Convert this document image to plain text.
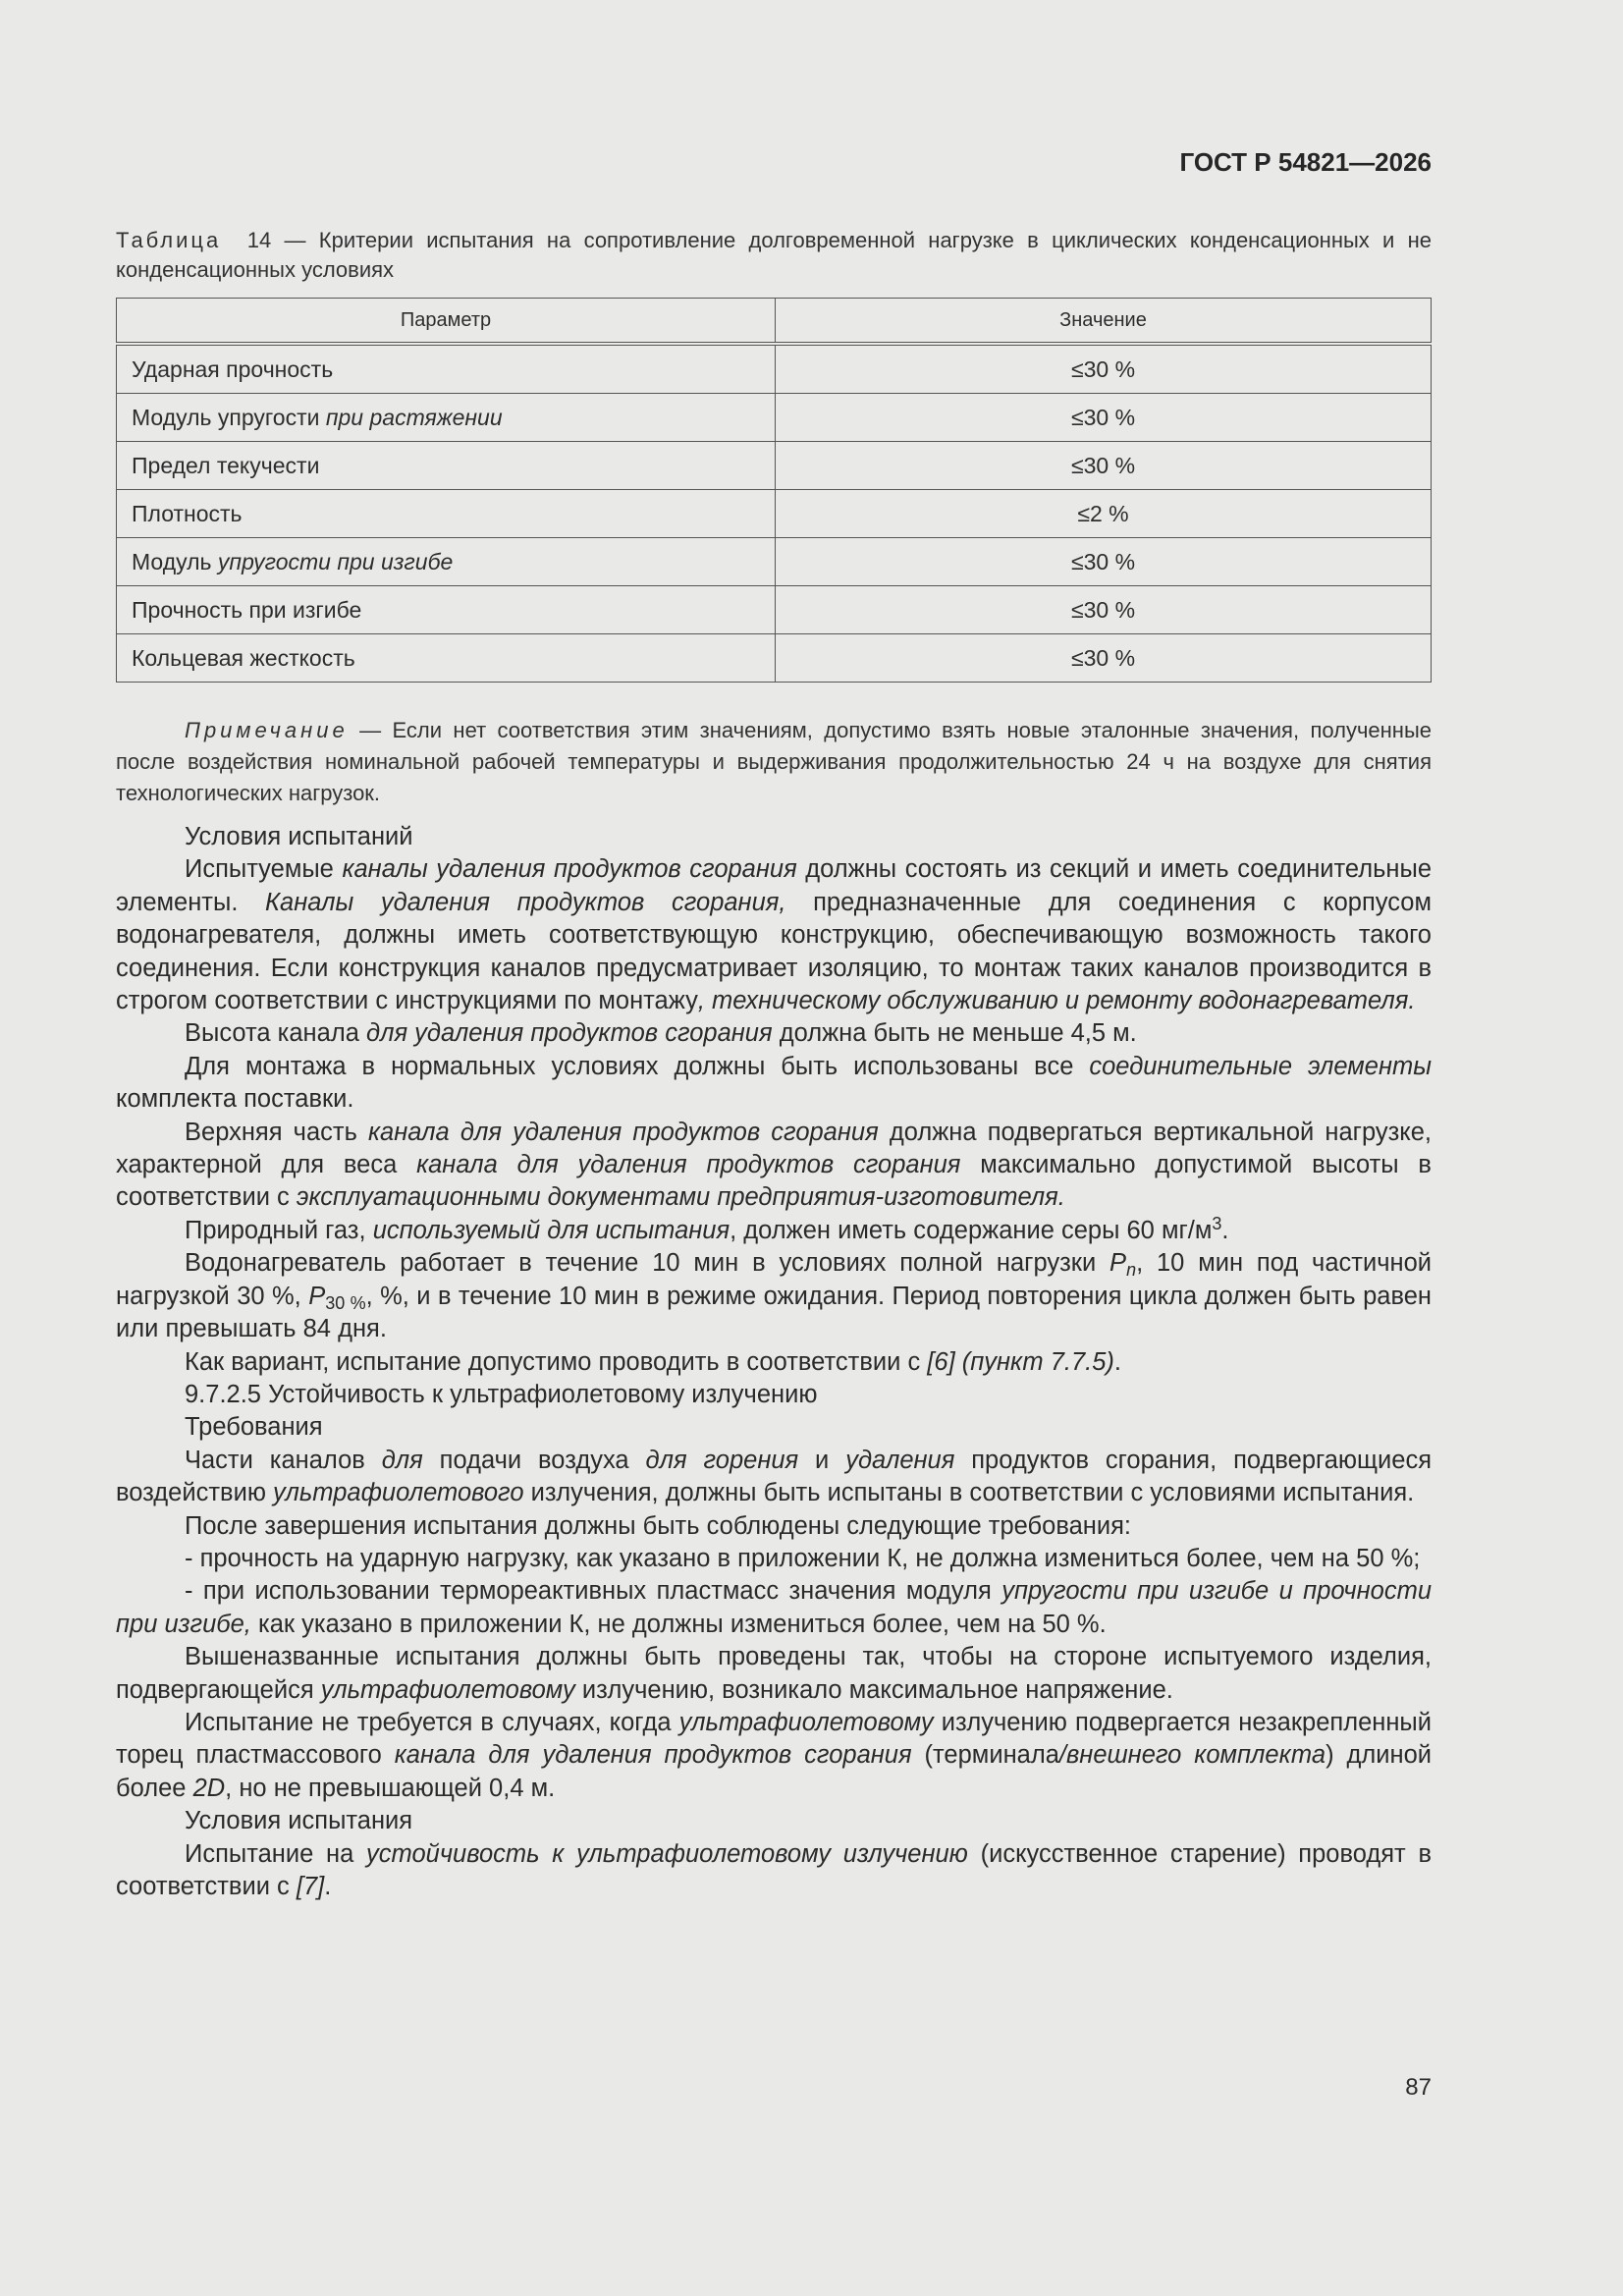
ГОСТ Р 54821—2026
Таблица 14 — Критерии испытания на сопротивление долговременной нагрузке в циклических конденсационных и не конденсационных условиях
Параметр	Значение
Ударная прочность	≤30 %
Модуль упругости при растяжении	≤30 %
Предел текучести	≤30 %
Плотность	≤2 %
Модуль упругости при изгибе	≤30 %
Прочность при изгибе	≤30 %
Кольцевая жесткость	≤30 %
Примечание — Если нет соответствия этим значениям, допустимо взять новые эталонные значения, полученные после воздействия номинальной рабочей температуры и выдерживания продолжительностью 24 ч на воздухе для снятия технологических нагрузок.

Условия испытаний

Испытуемые каналы удаления продуктов сгорания должны состоять из секций и иметь соединительные элементы. Каналы удаления продуктов сгорания, предназначенные для соединения с корпусом водонагревателя, должны иметь соответствующую конструкцию, обеспечивающую возможность такого соединения. Если конструкция каналов предусматривает изоляцию, то монтаж таких каналов производится в строгом соответствии с инструкциями по монтажу, техническому обслуживанию и ремонту водонагревателя.

Высота канала для удаления продуктов сгорания должна быть не меньше 4,5 м.

Для монтажа в нормальных условиях должны быть использованы все соединительные элементы комплекта поставки.

Верхняя часть канала для удаления продуктов сгорания должна подвергаться вертикальной нагрузке, характерной для веса канала для удаления продуктов сгорания максимально допустимой высоты в соответствии с эксплуатационными документами предприятия-изготовителя.

Природный газ, используемый для испытания, должен иметь содержание серы 60 $мг/м^3$.

Водонагреватель работает в течение 10 мин в условиях полной нагрузки $P_n$, 10 мин под частичной нагрузкой 30 %, $P_{30 \%}$, %, и в течение 10 мин в режиме ожидания. Период повторения цикла должен быть равен или превышать 84 дня.

Как вариант, испытание допустимо проводить в соответствии с [6] (пункт 7.7.5).

9.7.2.5 Устойчивость к ультрафиолетовому излучению

Требования

Части каналов для подачи воздуха для горения и удаления продуктов сгорания, подвергающиеся воздействию ультрафиолетового излучения, должны быть испытаны в соответствии с условиями испытания.

После завершения испытания должны быть соблюдены следующие требования:

- прочность на ударную нагрузку, как указано в приложении К, не должна измениться более, чем на 50 %;

- при использовании термореактивных пластмасс значения модуля упругости при изгибе и прочности при изгибе, как указано в приложении К, не должны измениться более, чем на 50 %.

Вышеназванные испытания должны быть проведены так, чтобы на стороне испытуемого изделия, подвергающейся ультрафиолетовому излучению, возникало максимальное напряжение.

Испытание не требуется в случаях, когда ультрафиолетовому излучению подвергается незакрепленный торец пластмассового канала для удаления продуктов сгорания (терминала/внешнего комплекта) длиной более 2D, но не превышающей 0,4 м.

Условия испытания

Испытание на устойчивость к ультрафиолетовому излучению (искусственное старение) проводят в соответствии с [7].

87
